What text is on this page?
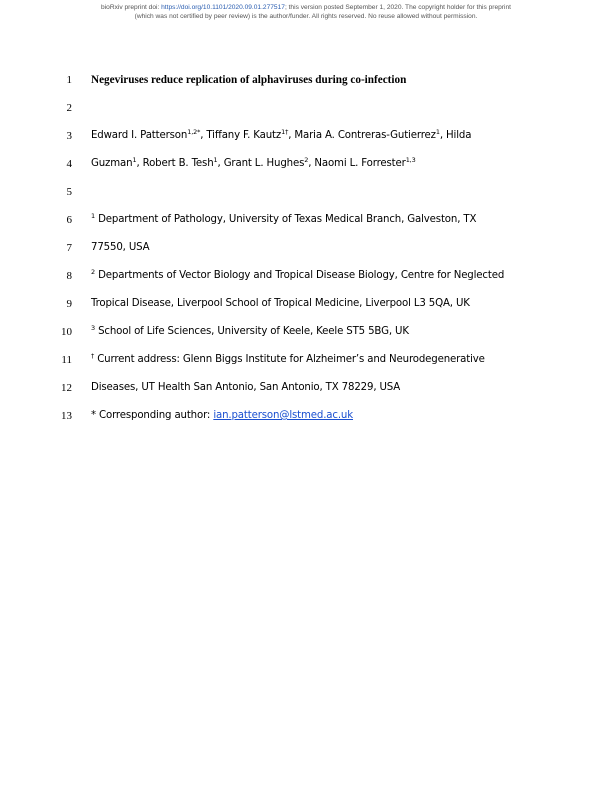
bioRxiv preprint doi: https://doi.org/10.1101/2020.09.01.277517; this version posted September 1, 2020. The copyright holder for this preprint
(which was not certified by peer review) is the author/funder. All rights reserved. No reuse allowed without permission.
1 Negeviruses reduce replication of alphaviruses during co-infection
2
3 Edward I. Patterson$^{1,2*}$, Tiffany F. Kautz$^{1\dagger}$, Maria A. Contreras-Gutierrez$^1$, Hilda
4 Guzman$^1$, Robert B. Tesh$^1$, Grant L. Hughes$^2$, Naomi L. Forrester$^{1,3}$
5
6	$^1$ Department of Pathology, University of Texas Medical Branch, Galveston, TX
7 77550, USA
8	$^2$ Departments of Vector Biology and Tropical Disease Biology, Centre for Neglected
9 Tropical Disease, Liverpool School of Tropical Medicine, Liverpool L3 5QA, UK
10	$^3$ School of Life Sciences, University of Keele, Keele ST5 5BG, UK
11	† Current address: Glenn Biggs Institute for Alzheimer’s and Neurodegenerative
12 Diseases, UT Health San Antonio, San Antonio, TX 78229, USA
13 * Corresponding author: ian.patterson@lstmed.ac.uk
